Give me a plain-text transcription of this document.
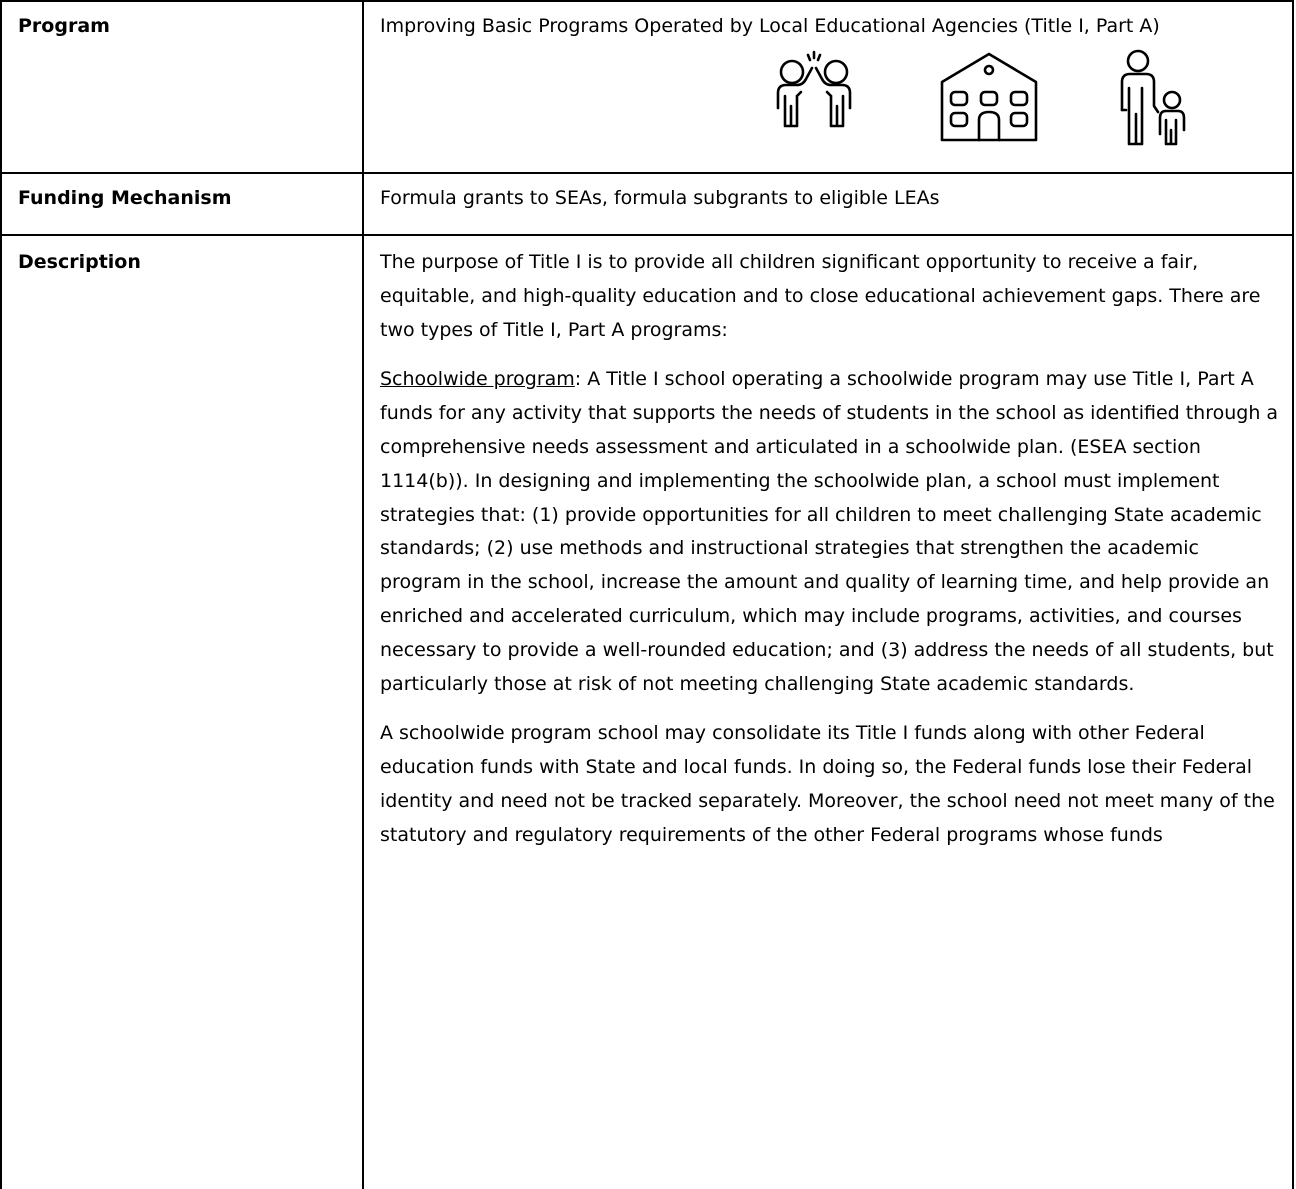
Program	Improving Basic Programs Operated by Local Educational Agencies (Title I, Part A)

Funding Mechanism	Formula grants to SEAs, formula subgrants to eligible LEAs
Description	The purpose of Title I is to provide all children significant opportunity to receive a fair, equitable, and high-quality education and to close educational achievement gaps. There are two types of Title I, Part A programs:

Schoolwide program: A Title I school operating a schoolwide program may use Title I, Part A funds for any activity that supports the needs of students in the school as identified through a comprehensive needs assessment and articulated in a schoolwide plan. (ESEA section 1114(b)). In designing and implementing the schoolwide plan, a school must implement strategies that: (1) provide opportunities for all children to meet challenging State academic standards; (2) use methods and instructional strategies that strengthen the academic program in the school, increase the amount and quality of learning time, and help provide an enriched and accelerated curriculum, which may include programs, activities, and courses necessary to provide a well-rounded education; and (3) address the needs of all students, but particularly those at risk of not meeting challenging State academic standards.

A schoolwide program school may consolidate its Title I funds along with other Federal education funds with State and local funds. In doing so, the Federal funds lose their Federal identity and need not be tracked separately. Moreover, the school need not meet many of the statutory and regulatory requirements of the other Federal programs whose funds
